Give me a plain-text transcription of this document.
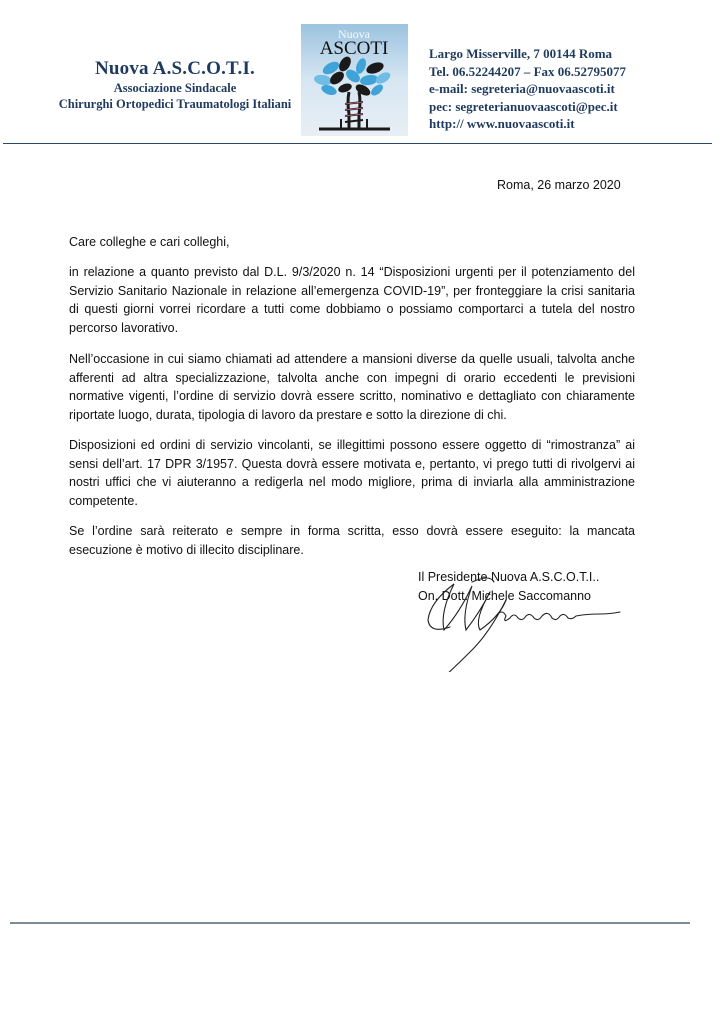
Nuova A.S.C.O.T.I.
Associazione Sindacale
Chirurghi Ortopedici Traumatologi Italiani
Nuova
ASCOTI	Largo Misserville, 7 00144 Roma
Tel. 06.52244207 – Fax 06.52795077
e-mail: segreteria@nuovaascoti.it
pec: segreterianuovaascoti@pec.it
http:// www.nuovaascoti.it
Roma, 26 marzo 2020
Care colleghe e cari colleghi,

in relazione a quanto previsto dal D.L. 9/3/2020 n. 14 “Disposizioni urgenti per il potenziamento del Servizio Sanitario Nazionale in relazione all’emergenza COVID-19”, per fronteggiare la crisi sanitaria di questi giorni vorrei ricordare a tutti come dobbiamo o possiamo comportarci a tutela del nostro percorso lavorativo.

Nell’occasione in cui siamo chiamati ad attendere a mansioni diverse da quelle usuali, talvolta anche afferenti ad altra specializzazione, talvolta anche con impegni di orario eccedenti le previsioni normative vigenti, l’ordine di servizio dovrà essere scritto, nominativo e dettagliato con chiaramente riportate luogo, durata, tipologia di lavoro da prestare e sotto la direzione di chi.

Disposizioni ed ordini di servizio vincolanti, se illegittimi possono essere oggetto di “rimostranza” ai sensi dell’art. 17 DPR 3/1957. Questa dovrà essere motivata e, pertanto, vi prego tutti di rivolgervi ai nostri uffici che vi aiuteranno a redigerla nel modo migliore, prima di inviarla alla amministrazione competente.

Se l’ordine sarà reiterato e sempre in forma scritta, esso dovrà essere eseguito: la mancata esecuzione è motivo di illecito disciplinare.

Il Presidente Nuova A.S.C.O.T.I..
On. Dott. Michele Saccomanno
